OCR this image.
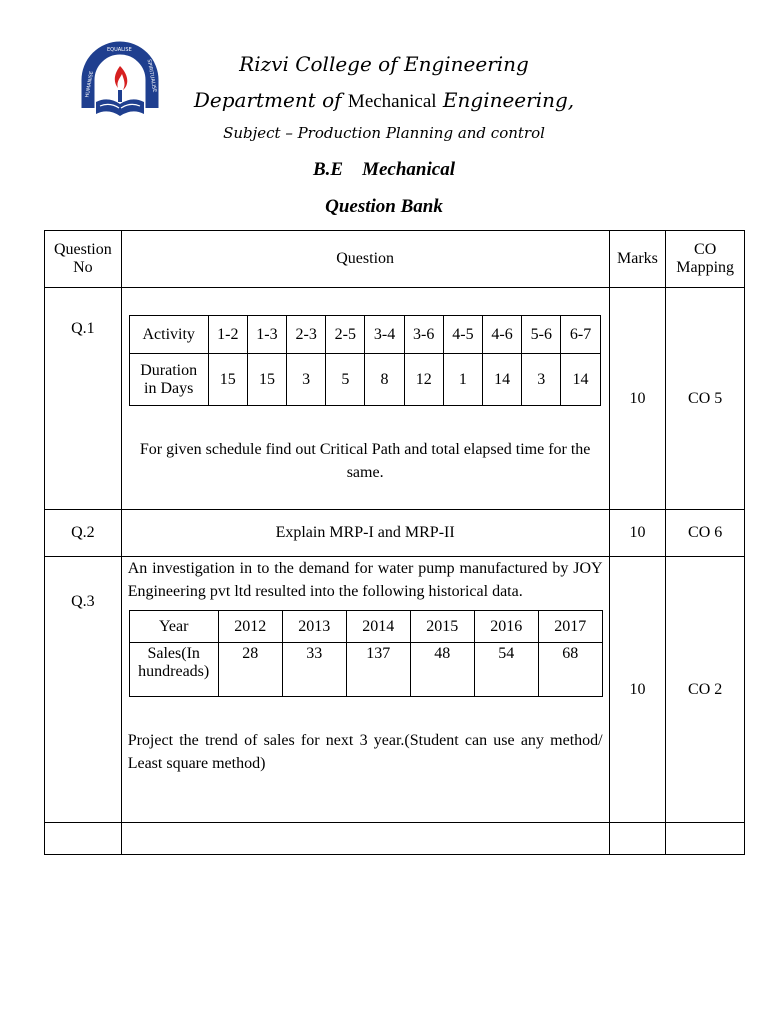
HUMANISE
EQUALISE
SPIRITUALISE	Rizvi College of Engineering
Department of Mechanical Engineering,
Subject – Production Planning and control
B.E    Mechanical
Question Bank
Question No	Question	Marks	CO Mapping
Q.1		Activity	1-2	1-3	2-3	2-5	3-4	3-6	4-5	4-6	5-6	6-7
Duration in Days	15	15	3	5	8	12	1	14	3	14
For given schedule find out Critical Path and total elapsed time for the same.
	10	CO 5
Q.2	Explain MRP-I and MRP-II	10	CO 6
Q.3	
An investigation in to the demand for water pump manufactured by JOY Engineering pvt ltd resulted into the following historical data.
Year	2012	2013	2014	2015	2016	2017
Sales(In hundreads)	28	33	137	48	54	68
Project the trend of sales for next 3 year.(Student can use any method/ Least square method)
	10	CO 2
